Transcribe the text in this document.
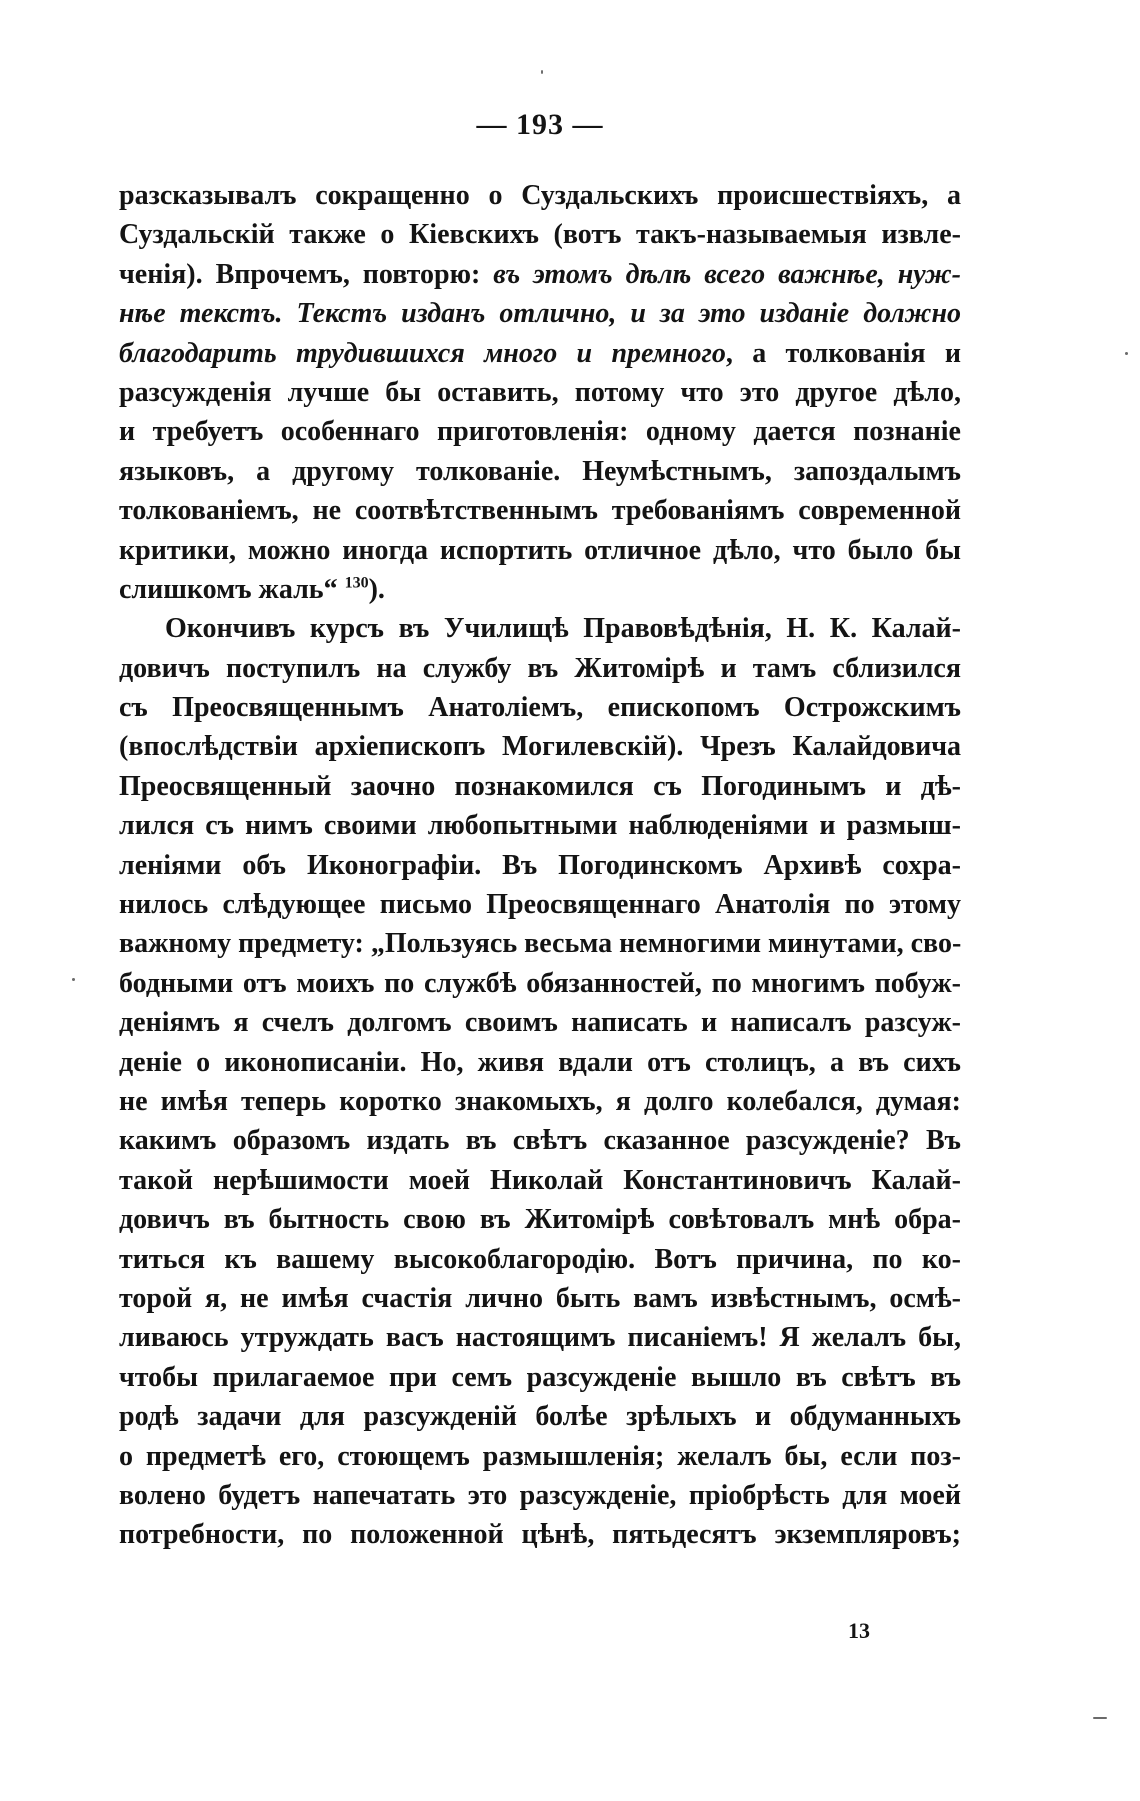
— 193 —
разсказывалъ сокращенно о Суздальскихъ происшествіяхъ, а
Суздальскій также о Кіевскихъ (вотъ такъ-называемыя извле-
ченія). Впрочемъ, повторю: въ этомъ дѣлѣ всего важнѣе, нуж-
нѣе текстъ. Текстъ изданъ отлично, и за это изданіе должно
благодарить трудившихся много и премного, а толкованія и
разсужденія лучше бы оставить, потому что это другое дѣло,
и требуетъ особеннаго приготовленія: одному дается познаніе
языковъ, а другому толкованіе. Неумѣстнымъ, запоздалымъ
толкованіемъ, не соотвѣтственнымъ требованіямъ современной
критики, можно иногда испортить отличное дѣло, что было бы
слишкомъ жаль“ $^{130}$).
Окончивъ курсъ въ Училищѣ Правовѣдѣнія, Н. К. Калай-
довичъ поступилъ на службу въ Житомірѣ и тамъ сблизился
съ Преосвященнымъ Анатоліемъ, епископомъ Острожскимъ
(впослѣдствіи архіепископъ Могилевскій). Чрезъ Калайдовича
Преосвященный заочно познакомился съ Погодинымъ и дѣ-
лился съ нимъ своими любопытными наблюденіями и размыш-
леніями объ Иконографіи. Въ Погодинскомъ Архивѣ сохра-
нилось слѣдующее письмо Преосвященнаго Анатолія по этому
важному предмету: „Пользуясь весьма немногими минутами, сво-
бодными отъ моихъ по службѣ обязанностей, по многимъ побуж-
деніямъ я счелъ долгомъ своимъ написать и написалъ разсуж-
деніе о иконописаніи. Но, живя вдали отъ столицъ, а въ сихъ
не имѣя теперь коротко знакомыхъ, я долго колебался, думая:
какимъ образомъ издать въ свѣтъ сказанное разсужденіе? Въ
такой нерѣшимости моей Николай Константиновичъ Калай-
довичъ въ бытность свою въ Житомірѣ совѣтовалъ мнѣ обра-
титься къ вашему высокоблагородію. Вотъ причина, по ко-
торой я, не имѣя счастія лично быть вамъ извѣстнымъ, осмѣ-
ливаюсь утруждать васъ настоящимъ писаніемъ! Я желалъ бы,
чтобы прилагаемое при семъ разсужденіе вышло въ свѣтъ въ
родѣ задачи для разсужденій болѣе зрѣлыхъ и обдуманныхъ
о предметѣ его, стоющемъ размышленія; желалъ бы, если поз-
волено будетъ напечатать это разсужденіе, пріобрѣсть для моей
потребности, по положенной цѣнѣ, пятьдесятъ экземпляровъ;
13
